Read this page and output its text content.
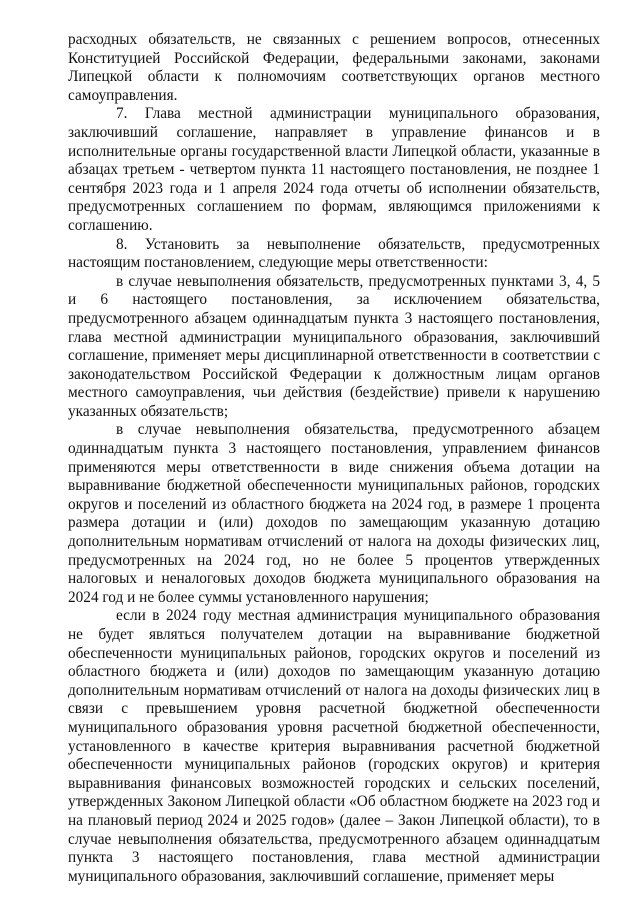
расходных обязательств, не связанных с решением вопросов, отнесенных Конституцией Российской Федерации, федеральными законами, законами Липецкой области к полномочиям соответствующих органов местного самоуправления.

7. Глава местной администрации муниципального образования, заключивший соглашение, направляет в управление финансов и в исполнительные органы государственной власти Липецкой области, указанные в абзацах третьем - четвертом пункта 11 настоящего постановления, не позднее 1 сентября 2023 года и 1 апреля 2024 года отчеты об исполнении обязательств, предусмотренных соглашением по формам, являющимся приложениями к соглашению.

8. Установить за невыполнение обязательств, предусмотренных настоящим постановлением, следующие меры ответственности:

в случае невыполнения обязательств, предусмотренных пунктами 3, 4, 5 и 6 настоящего постановления, за исключением обязательства, предусмотренного абзацем одиннадцатым пункта 3 настоящего постановления, глава местной администрации муниципального образования, заключивший соглашение, применяет меры дисциплинарной ответственности в соответствии с законодательством Российской Федерации к должностным лицам органов местного самоуправления, чьи действия (бездействие) привели к нарушению указанных обязательств;

в случае невыполнения обязательства, предусмотренного абзацем одиннадцатым пункта 3 настоящего постановления, управлением финансов применяются меры ответственности в виде снижения объема дотации на выравнивание бюджетной обеспеченности муниципальных районов, городских округов и поселений из областного бюджета на 2024 год, в размере 1 процента размера дотации и (или) доходов по замещающим указанную дотацию дополнительным нормативам отчислений от налога на доходы физических лиц, предусмотренных на 2024 год, но не более 5 процентов утвержденных налоговых и неналоговых доходов бюджета муниципального образования на 2024 год и не более суммы установленного нарушения;

если в 2024 году местная администрация муниципального образования не будет являться получателем дотации на выравнивание бюджетной обеспеченности муниципальных районов, городских округов и поселений из областного бюджета и (или) доходов по замещающим указанную дотацию дополнительным нормативам отчислений от налога на доходы физических лиц в связи с превышением уровня расчетной бюджетной обеспеченности муниципального образования уровня расчетной бюджетной обеспеченности, установленного в качестве критерия выравнивания расчетной бюджетной обеспеченности муниципальных районов (городских округов) и критерия выравнивания финансовых возможностей городских и сельских поселений, утвержденных Законом Липецкой области «Об областном бюджете на 2023 год и на плановый период 2024 и 2025 годов» (далее – Закон Липецкой области), то в случае невыполнения обязательства, предусмотренного абзацем одиннадцатым пункта 3 настоящего постановления, глава местной администрации муниципального образования, заключивший соглашение, применяет меры
